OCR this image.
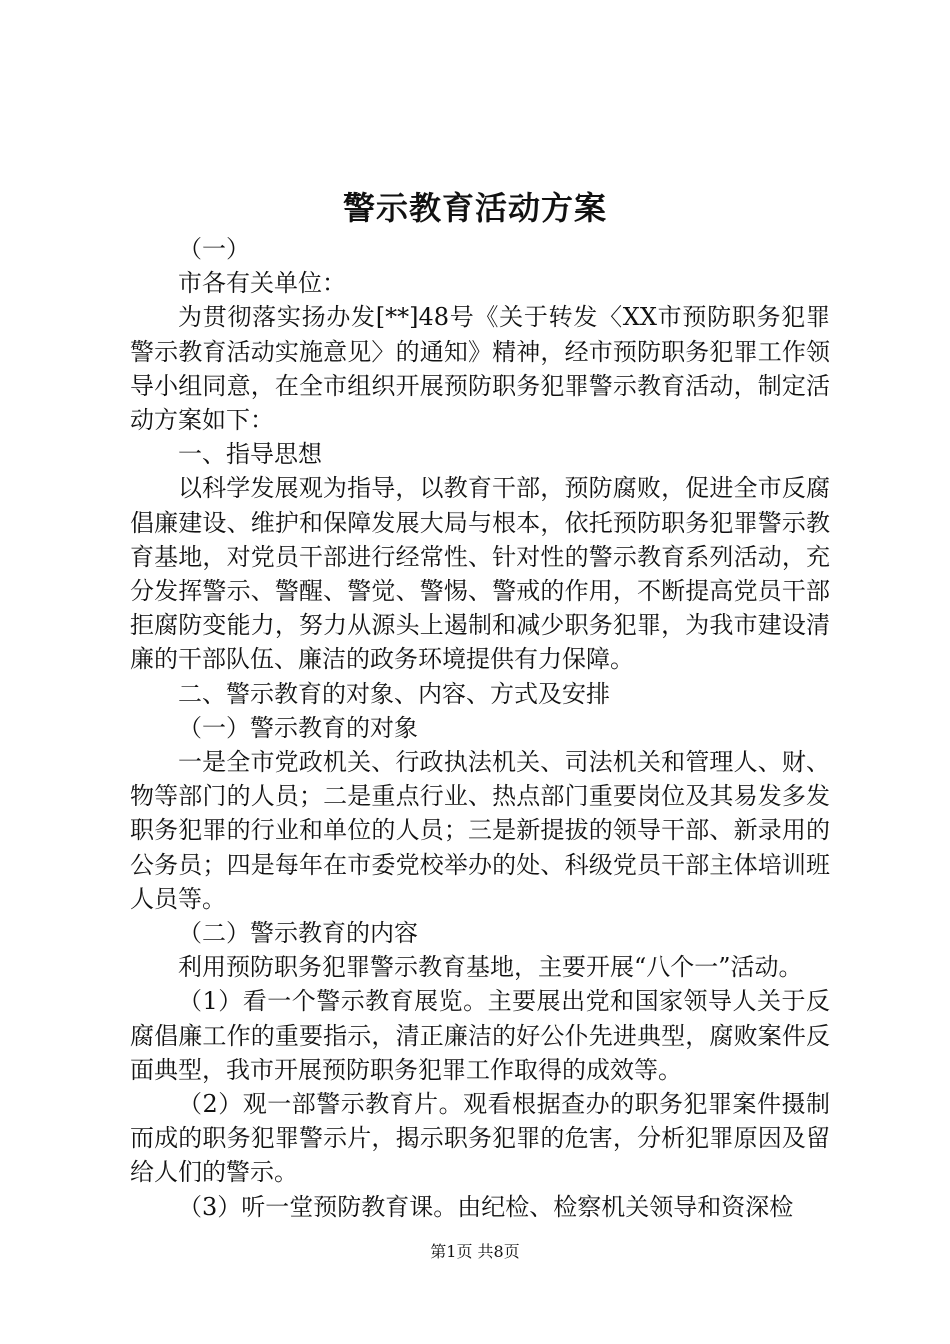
警示教育活动方案

（一）

市各有关单位：

为贯彻落实扬办发[**]48号《关于转发〈XX市预防职务犯罪警示教育活动实施意见〉的通知》精神，经市预防职务犯罪工作领导小组同意，在全市组织开展预防职务犯罪警示教育活动，制定活动方案如下：

一、指导思想

以科学发展观为指导，以教育干部，预防腐败，促进全市反腐倡廉建设、维护和保障发展大局与根本，依托预防职务犯罪警示教育基地，对党员干部进行经常性、针对性的警示教育系列活动，充分发挥警示、警醒、警觉、警惕、警戒的作用，不断提高党员干部拒腐防变能力，努力从源头上遏制和减少职务犯罪，为我市建设清廉的干部队伍、廉洁的政务环境提供有力保障。

二、警示教育的对象、内容、方式及安排

（一）警示教育的对象

一是全市党政机关、行政执法机关、司法机关和管理人、财、物等部门的人员；二是重点行业、热点部门重要岗位及其易发多发职务犯罪的行业和单位的人员；三是新提拔的领导干部、新录用的公务员；四是每年在市委党校举办的处、科级党员干部主体培训班人员等。

（二）警示教育的内容

利用预防职务犯罪警示教育基地，主要开展“八个一”活动。

（1）看一个警示教育展览。主要展出党和国家领导人关于反腐倡廉工作的重要指示，清正廉洁的好公仆先进典型，腐败案件反面典型，我市开展预防职务犯罪工作取得的成效等。

（2）观一部警示教育片。观看根据查办的职务犯罪案件摄制而成的职务犯罪警示片，揭示职务犯罪的危害，分析犯罪原因及留给人们的警示。

（3）听一堂预防教育课。由纪检、检察机关领导和资深检

第1页 共8页
